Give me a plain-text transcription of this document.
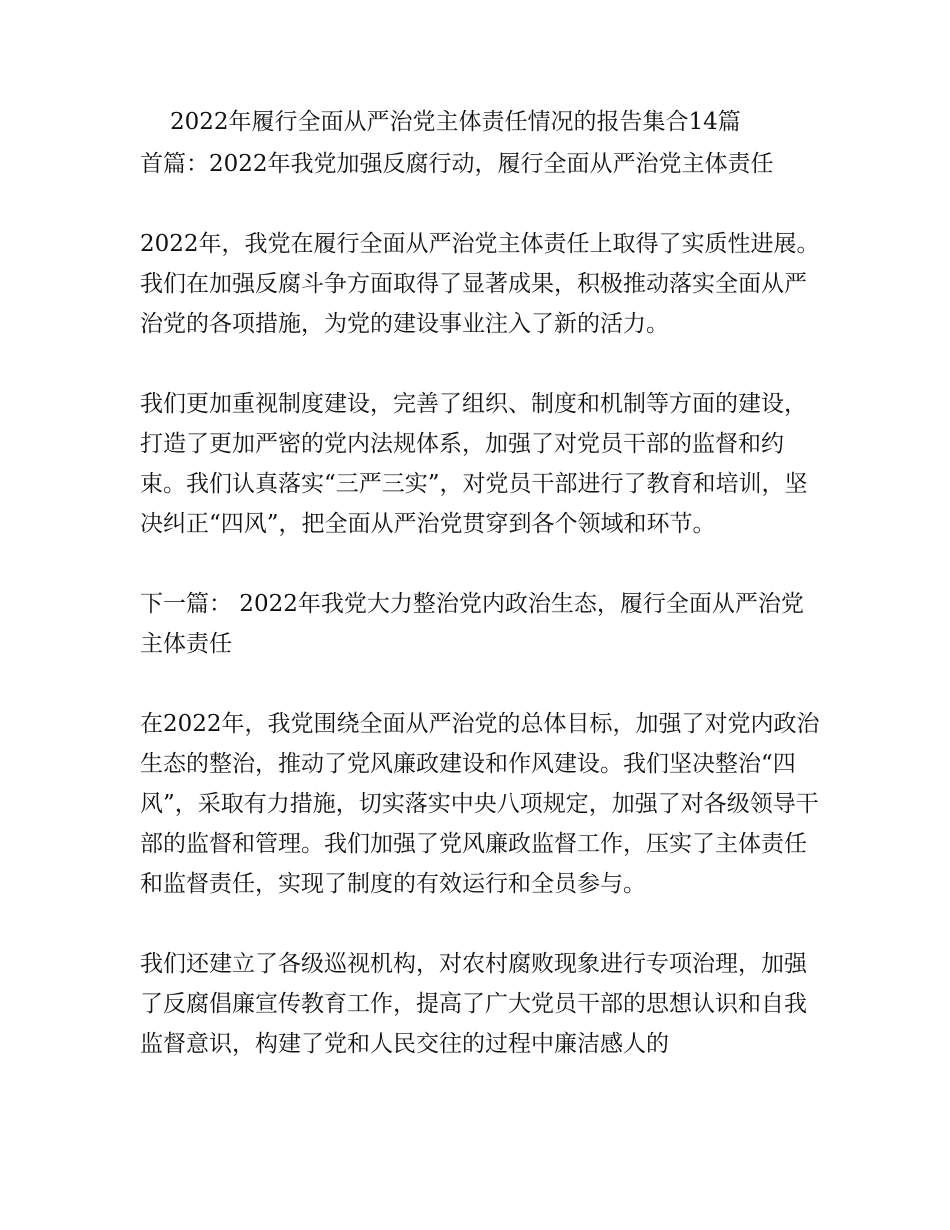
2022年履行全面从严治党主体责任情况的报告集合14篇
首篇：2022年我党加强反腐行动，履行全面从严治党主体责任

2022年，我党在履行全面从严治党主体责任上取得了实质性进展。我们在加强反腐斗争方面取得了显著成果，积极推动落实全面从严治党的各项措施，为党的建设事业注入了新的活力。

我们更加重视制度建设，完善了组织、制度和机制等方面的建设，打造了更加严密的党内法规体系，加强了对党员干部的监督和约束。我们认真落实“三严三实”，对党员干部进行了教育和培训，坚决纠正“四风”，把全面从严治党贯穿到各个领域和环节。

下一篇： 2022年我党大力整治党内政治生态，履行全面从严治党主体责任

在2022年，我党围绕全面从严治党的总体目标，加强了对党内政治生态的整治，推动了党风廉政建设和作风建设。我们坚决整治“四风”，采取有力措施，切实落实中央八项规定，加强了对各级领导干部的监督和管理。我们加强了党风廉政监督工作，压实了主体责任和监督责任，实现了制度的有效运行和全员参与。

我们还建立了各级巡视机构，对农村腐败现象进行专项治理，加强了反腐倡廉宣传教育工作，提高了广大党员干部的思想认识和自我监督意识，构建了党和人民交往的过程中廉洁感人的
